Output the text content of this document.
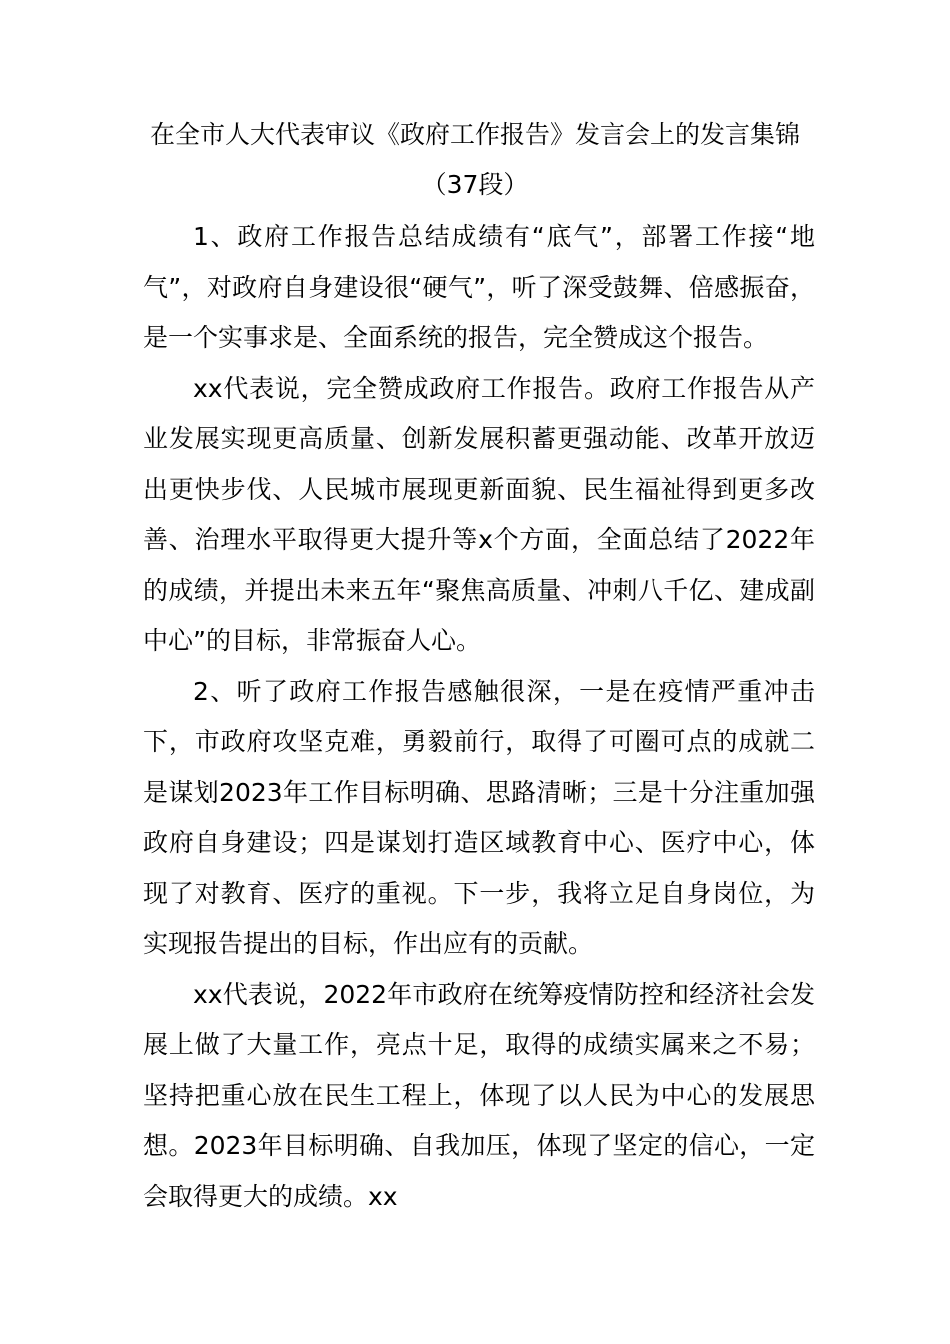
在全市人大代表审议《政府工作报告》发言会上的发言集锦（37段）

1、政府工作报告总结成绩有“底气”，部署工作接“地气”，对政府自身建设很“硬气”，听了深受鼓舞、倍感振奋，是一个实事求是、全面系统的报告，完全赞成这个报告。

xx代表说，完全赞成政府工作报告。政府工作报告从产业发展实现更高质量、创新发展积蓄更强动能、改革开放迈出更快步伐、人民城市展现更新面貌、民生福祉得到更多改善、治理水平取得更大提升等x个方面，全面总结了2022年的成绩，并提出未来五年“聚焦高质量、冲刺八千亿、建成副中心”的目标，非常振奋人心。

2、听了政府工作报告感触很深，一是在疫情严重冲击下，市政府攻坚克难，勇毅前行，取得了可圈可点的成就二是谋划2023年工作目标明确、思路清晰；三是十分注重加强政府自身建设；四是谋划打造区域教育中心、医疗中心，体现了对教育、医疗的重视。下一步，我将立足自身岗位，为实现报告提出的目标，作出应有的贡献。

xx代表说，2022年市政府在统筹疫情防控和经济社会发展上做了大量工作，亮点十足，取得的成绩实属来之不易；坚持把重心放在民生工程上，体现了以人民为中心的发展思想。2023年目标明确、自我加压，体现了坚定的信心，一定会取得更大的成绩。xx
